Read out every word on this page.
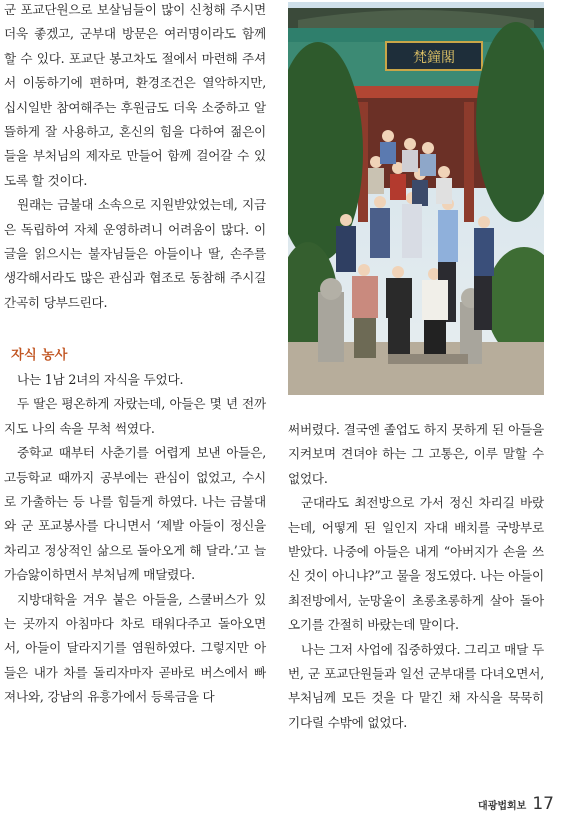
군 포교단원으로 보살님들이 많이 신청해 주시면 더욱 좋겠고, 군부대 방문은 여러명이라도 함께 할 수 있다. 포교단 봉고차도 절에서 마련해 주셔서 이동하기에 편하며, 환경조건은 열악하지만, 십시일반 참여해주는 후원금도 더욱 소중하고 알뜰하게 잘 사용하고, 혼신의 힘을 다하여 젊은이들을 부처님의 제자로 만들어 함께 걸어갈 수 있도록 할 것이다.

원래는 금불대 소속으로 지원받았었는데, 지금은 독립하여 자체 운영하려니 어려움이 많다. 이 글을 읽으시는 불자님들은 아들이나 딸, 손주를 생각해서라도 많은 관심과 협조로 동참해 주시길 간곡히 당부드린다.

자식 농사

나는 1남 2녀의 자식을 두었다.

두 딸은 평온하게 자랐는데, 아들은 몇 년 전까지도 나의 속을 무척 썩였다.

중학교 때부터 사춘기를 어렵게 보낸 아들은, 고등학교 때까지 공부에는 관심이 없었고, 수시로 가출하는 등 나를 힘들게 하였다. 나는 금불대와 군 포교봉사를 다니면서 ‘제발 아들이 정신을 차리고 정상적인 삶으로 돌아오게 해 달라.’고 늘 가슴앓이하면서 부처님께 매달렸다.

지방대학을 겨우 붙은 아들을, 스쿨버스가 있는 곳까지 아침마다 차로 태워다주고 돌아오면서, 아들이 달라지기를 염원하였다. 그렇지만 아들은 내가 차를 돌리자마자 곧바로 버스에서 빠져나와, 강남의 유흥가에서 등록금을 다

梵鐘閣

써버렸다. 결국엔 졸업도 하지 못하게 된 아들을 지켜보며 견뎌야 하는 그 고통은, 이루 말할 수 없었다.

군대라도 최전방으로 가서 정신 차리길 바랐는데, 어떻게 된 일인지 자대 배치를 국방부로 받았다. 나중에 아들은 내게 “아버지가 손을 쓰신 것이 아니냐?”고 물을 정도였다. 나는 아들이 최전방에서, 눈망울이 초롱초롱하게 살아 돌아오기를 간절히 바랐는데 말이다.

나는 그저 사업에 집중하였다. 그리고 매달 두 번, 군 포교단원들과 일선 군부대를 다녀오면서, 부처님께 모든 것을 다 맡긴 채 자식을 묵묵히 기다릴 수밖에 없었다.

대광법회보 17
